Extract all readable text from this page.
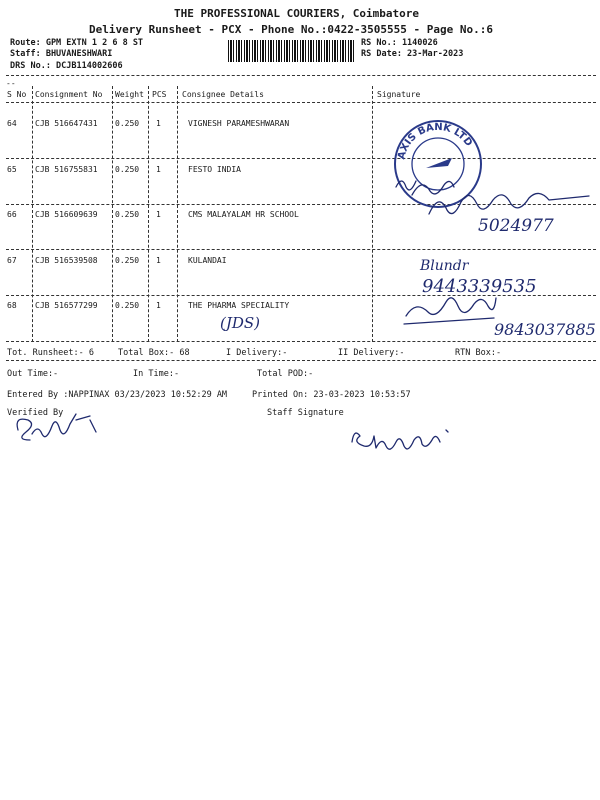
THE PROFESSIONAL COURIERS, Coimbatore
Delivery Runsheet - PCX - Phone No.:0422-3505555 - Page No.:6
Route: GPM EXTN 1 2 6 8 ST
Staff: BHUVANESHWARI
DRS No.: DCJB114002606
RS No.: 1140026
RS Date: 23-Mar-2023
--
S No Consignment No Weight PCS Consignee Details	Signature
64 CJB 516647431 0.250 1	VIGNESH PARAMESHWARAN
65 CJB 516755831 0.250 1	FESTO INDIA
66 CJB 516609639 0.250 1	CMS MALAYALAM HR SCHOOL
67 CJB 516539508 0.250 1	KULANDAI
68 CJB 516577299 0.250 1	THE PHARMA SPECIALITY
AXIS BANK LTD
5024977
Blundr
9443339535
9843037885
(JDS)
Tot. Runsheet:- 6	Total Box:- 68	I Delivery:-	II Delivery:-	RTN Box:-
Out Time:-	In Time:-	Total POD:-
Entered By :NAPPINAX 03/23/2023 10:52:29 AM	Printed On: 23-03-2023 10:53:57
Verified By	Staff Signature
